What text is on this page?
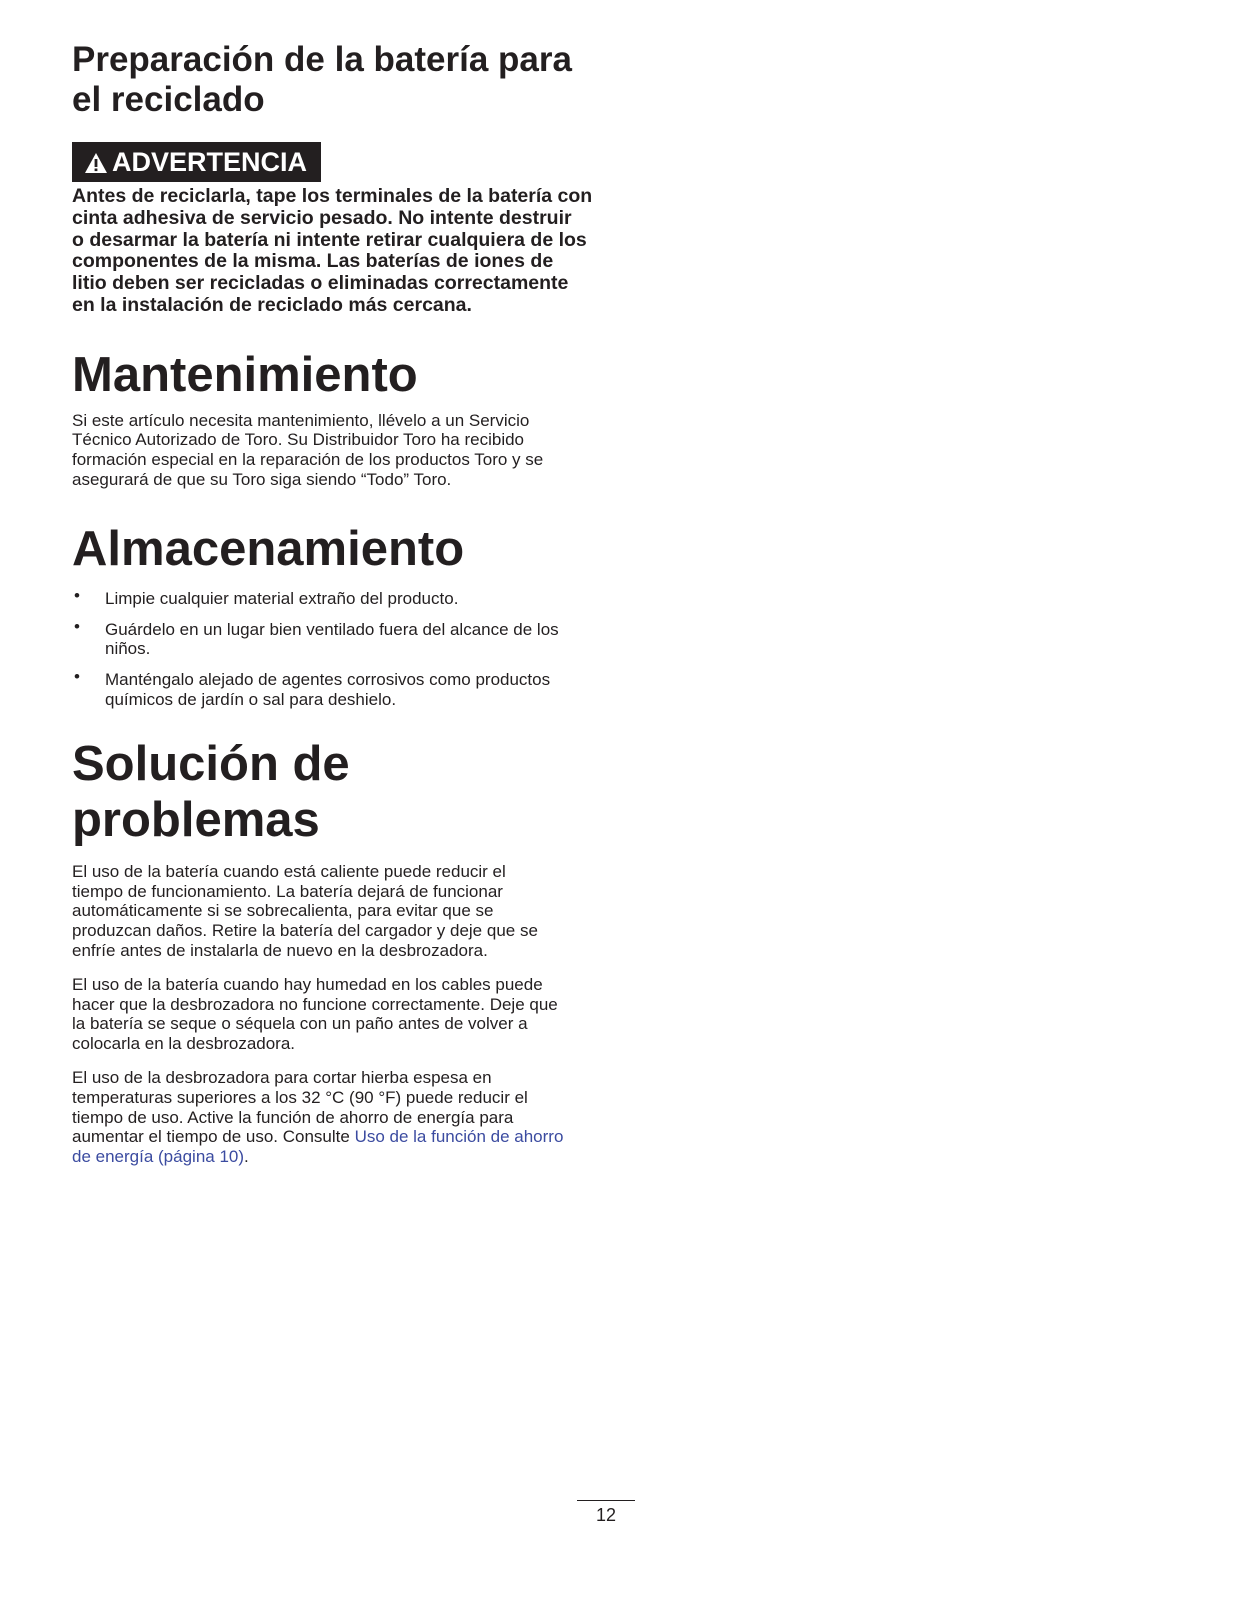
Preparación de la batería para
el reciclado
ADVERTENCIA

Antes de reciclarla, tape los terminales de la batería con
cinta adhesiva de servicio pesado. No intente destruir
o desarmar la batería ni intente retirar cualquiera de los
componentes de la misma. Las baterías de iones de
litio deben ser recicladas o eliminadas correctamente
en la instalación de reciclado más cercana.

Mantenimiento

Si este artículo necesita mantenimiento, llévelo a un Servicio
Técnico Autorizado de Toro. Su Distribuidor Toro ha recibido
formación especial en la reparación de los productos Toro y se
asegurará de que su Toro siga siendo “Todo” Toro.

Almacenamiento
• Limpie cualquier material extraño del producto.
• Guárdelo en un lugar bien ventilado fuera del alcance de los
niños.
• Manténgalo alejado de agentes corrosivos como productos
químicos de jardín o sal para deshielo.
Solución de problemas

El uso de la batería cuando está caliente puede reducir el
tiempo de funcionamiento. La batería dejará de funcionar
automáticamente si se sobrecalienta, para evitar que se
produzcan daños. Retire la batería del cargador y deje que se
enfríe antes de instalarla de nuevo en la desbrozadora.

El uso de la batería cuando hay humedad en los cables puede
hacer que la desbrozadora no funcione correctamente. Deje que
la batería se seque o séquela con un paño antes de volver a
colocarla en la desbrozadora.

El uso de la desbrozadora para cortar hierba espesa en
temperaturas superiores a los 32 °C (90 °F) puede reducir el
tiempo de uso. Active la función de ahorro de energía para
aumentar el tiempo de uso. Consulte Uso de la función de ahorro
de energía (página 10).

12
